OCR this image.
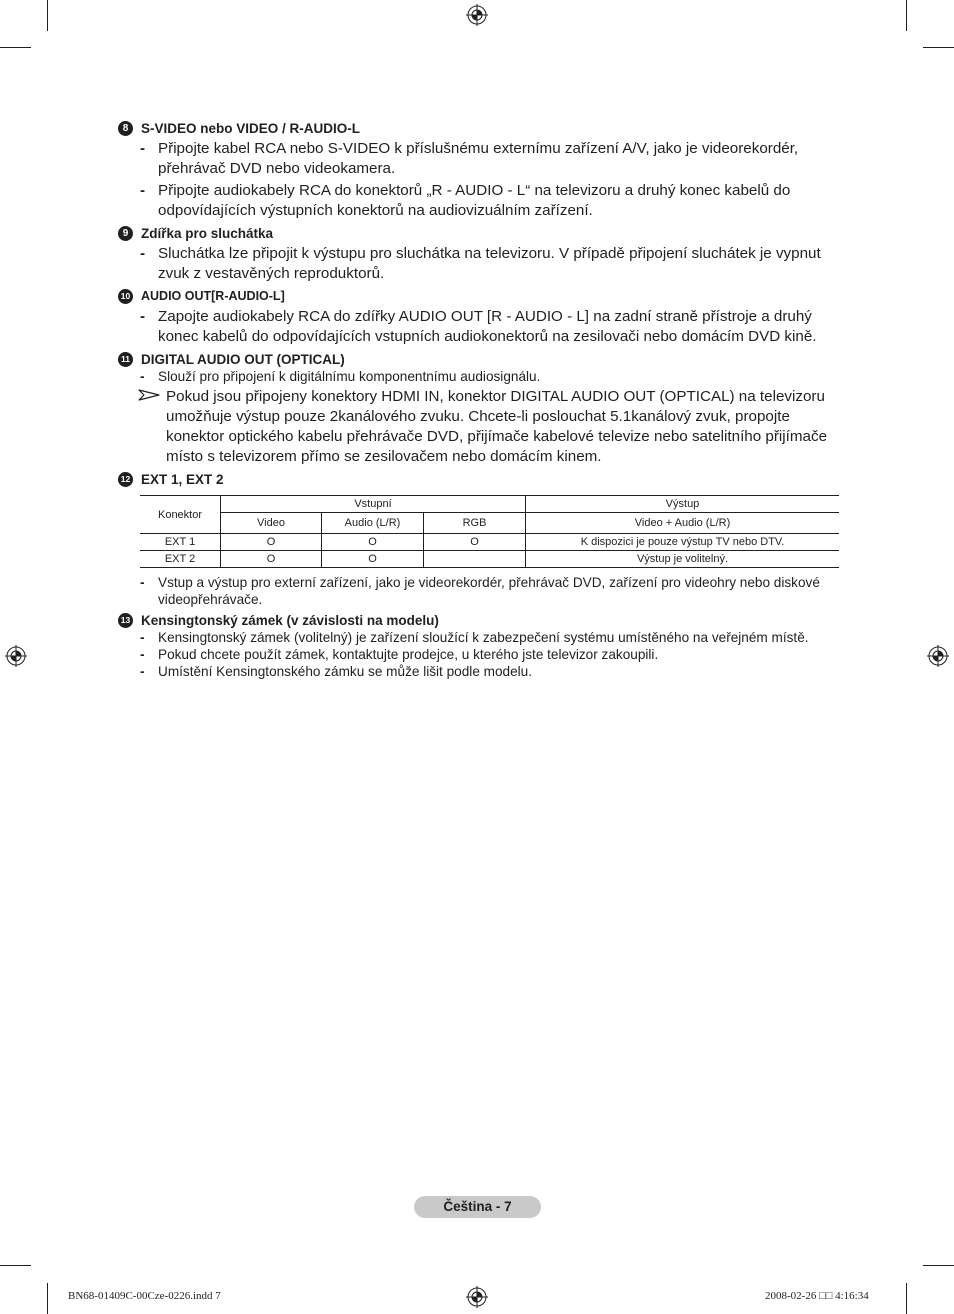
8 S-VIDEO nebo VIDEO / R-AUDIO-L
- Připojte kabel RCA nebo S-VIDEO k příslušnému externímu zařízení A/V, jako je videorekordér, přehrávač DVD nebo videokamera.
- Připojte audiokabely RCA do konektorů „R - AUDIO - L“ na televizoru a druhý konec kabelů do odpovídajících výstupních konektorů na audiovizuálním zařízení.
9 Zdířka pro sluchátka
- Sluchátka lze připojit k výstupu pro sluchátka na televizoru. V případě připojení sluchátek je vypnut zvuk z vestavěných reproduktorů.
10 AUDIO OUT[R-AUDIO-L]
- Zapojte audiokabely RCA do zdířky AUDIO OUT [R - AUDIO - L] na zadní straně přístroje a druhý konec kabelů do odpovídajících vstupních audiokonektorů na zesilovači nebo domácím DVD kině.
11 DIGITAL AUDIO OUT (OPTICAL)
- Slouží pro připojení k digitálnímu komponentnímu audiosignálu.
Pokud jsou připojeny konektory HDMI IN, konektor DIGITAL AUDIO OUT (OPTICAL) na televizoru umožňuje výstup pouze 2kanálového zvuku. Chcete-li poslouchat 5.1kanálový zvuk, propojte konektor optického kabelu přehrávače DVD, přijímače kabelové televize nebo satelitního přijímače místo s televizorem přímo se zesilovačem nebo domácím kinem.
12 EXT 1, EXT 2
Konektor	Vstupní			Výstup
	Video	Audio (L/R)	RGB	Video + Audio (L/R)
EXT 1	O	O	O	K dispozici je pouze výstup TV nebo DTV.
EXT 2	O	O		Výstup je volitelný.
- Vstup a výstup pro externí zařízení, jako je videorekordér, přehrávač DVD, zařízení pro videohry nebo diskové videopřehrávače.
13 Kensingtonský zámek (v závislosti na modelu)
- Kensingtonský zámek (volitelný) je zařízení sloužící k zabezpečení systému umístěného na veřejném místě.
- Pokud chcete použít zámek, kontaktujte prodejce, u kterého jste televizor zakoupili.
- Umístění Kensingtonského zámku se může lišit podle modelu.
Čeština - 7
BN68-01409C-00Cze-0226.indd 7	2008-02-26 □□ 4:16:34
